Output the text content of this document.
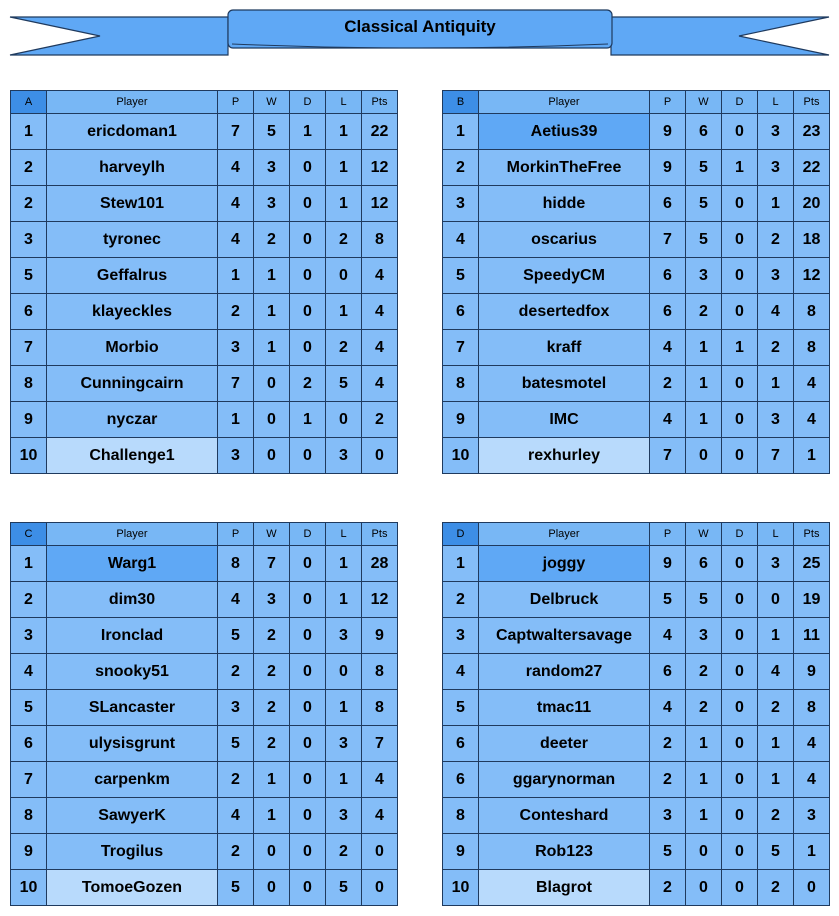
Classical Antiquity
A	Player	P	W	D	L	Pts
1	ericdoman1	7	5	1	1	22
2	harveylh	4	3	0	1	12
2	Stew101	4	3	0	1	12
3	tyronec	4	2	0	2	8
5	Geffalrus	1	1	0	0	4
6	klayeckles	2	1	0	1	4
7	Morbio	3	1	0	2	4
8	Cunningcairn	7	0	2	5	4
9	nyczar	1	0	1	0	2
10	Challenge1	3	0	0	3	0
B	Player	P	W	D	L	Pts
1	Aetius39	9	6	0	3	23
2	MorkinTheFree	9	5	1	3	22
3	hidde	6	5	0	1	20
4	oscarius	7	5	0	2	18
5	SpeedyCM	6	3	0	3	12
6	desertedfox	6	2	0	4	8
7	kraff	4	1	1	2	8
8	batesmotel	2	1	0	1	4
9	IMC	4	1	0	3	4
10	rexhurley	7	0	0	7	1
C	Player	P	W	D	L	Pts
1	Warg1	8	7	0	1	28
2	dim30	4	3	0	1	12
3	Ironclad	5	2	0	3	9
4	snooky51	2	2	0	0	8
5	SLancaster	3	2	0	1	8
6	ulysisgrunt	5	2	0	3	7
7	carpenkm	2	1	0	1	4
8	SawyerK	4	1	0	3	4
9	Trogilus	2	0	0	2	0
10	TomoeGozen	5	0	0	5	0
D	Player	P	W	D	L	Pts
1	joggy	9	6	0	3	25
2	Delbruck	5	5	0	0	19
3	Captwaltersavage	4	3	0	1	11
4	random27	6	2	0	4	9
5	tmac11	4	2	0	2	8
6	deeter	2	1	0	1	4
6	ggarynorman	2	1	0	1	4
8	Conteshard	3	1	0	2	3
9	Rob123	5	0	0	5	1
10	Blagrot	2	0	0	2	0
